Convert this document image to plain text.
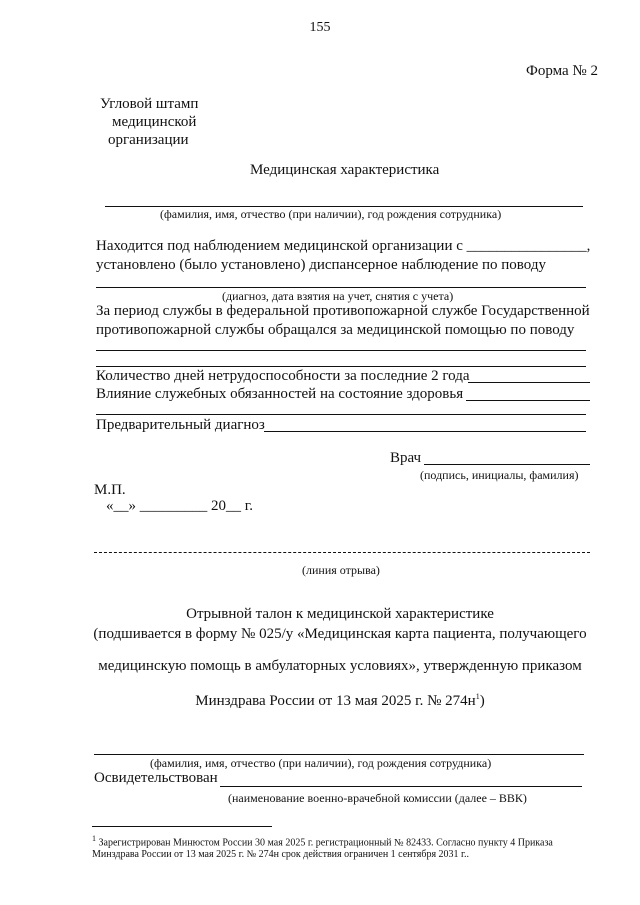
155
Форма № 2
Угловой штамп
медицинской
организации
Медицинская характеристика
(фамилия, имя, отчество (при наличии), год рождения сотрудника)
Находится под наблюдением медицинской организации с ________________,
установлено (было установлено) диспансерное наблюдение по поводу
(диагноз, дата взятия на учет, снятия с учета)
За период службы в федеральной противопожарной службе Государственной
противопожарной службы обращался за медицинской помощью по поводу
Количество дней нетрудоспособности за последние 2 года
Влияние служебных обязанностей на состояние здоровья
Предварительный диагноз
Врач
(подпись, инициалы, фамилия)
М.П.
«__» _________ 20__ г.
(линия отрыва)
Отрывной талон к медицинской характеристике
(подшивается в форму № 025/у «Медицинская карта пациента, получающего
медицинскую помощь в амбулаторных условиях», утвержденную приказом
Минздрава России от 13 мая 2025 г. № $274н^1$)
(фамилия, имя, отчество (при наличии), год рождения сотрудника)
Освидетельствован
(наименование военно-врачебной комиссии (далее – ВВК)
$^1$ Зарегистрирован Минюстом России 30 мая 2025 г. регистрационный № 82433. Согласно пункту 4 Приказа
Минздрава России от 13 мая 2025 г. № 274н срок действия ограничен 1 сентября 2031 г..
